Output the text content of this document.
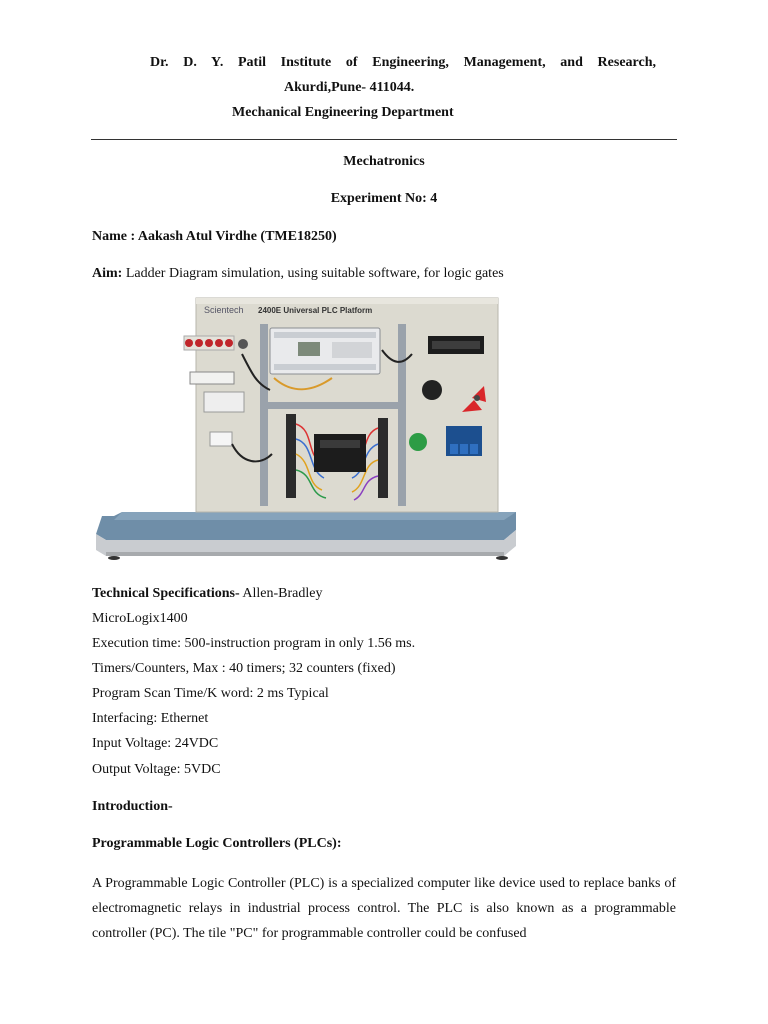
Dr. D. Y. Patil Institute of Engineering, Management, and Research,
Akurdi,Pune- 411044.
Mechanical Engineering Department
Mechatronics
Experiment No: 4
Name : Aakash Atul Virdhe (TME18250)
Aim: Ladder Diagram simulation, using suitable software, for logic gates
Scientech 2400E Universal PLC Platform
Technical Specifications- Allen-Bradley
MicroLogix1400
Execution time: 500-instruction program in only 1.56 ms.
Timers/Counters, Max : 40 timers; 32 counters (fixed)
Program Scan Time/K word: 2 ms Typical
Interfacing: Ethernet
Input Voltage: 24VDC
Output Voltage: 5VDC
Introduction-
Programmable Logic Controllers (PLCs):
A Programmable Logic Controller (PLC) is a specialized computer like device used to replace banks of electromagnetic relays in industrial process control. The PLC is also known as a programmable controller (PC). The tile "PC" for programmable controller could be confused
